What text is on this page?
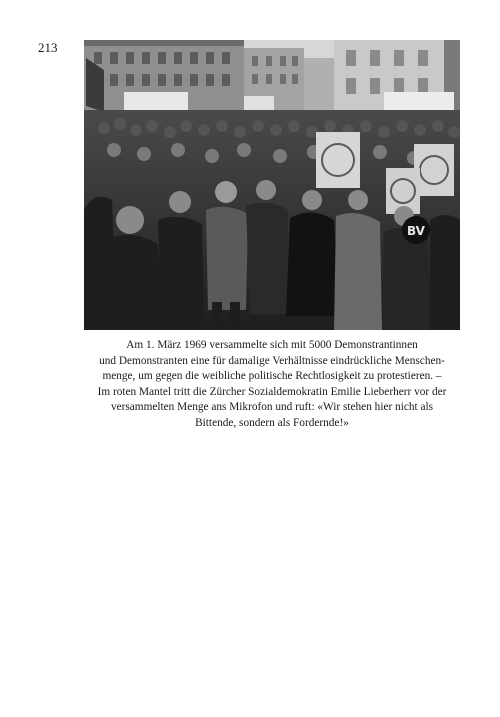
213
BV
Am 1. März 1969 versammelte sich mit 5000 Demonstrantinnen
und Demonstranten eine für damalige Verhältnisse eindrückliche Menschen-
menge, um gegen die weibliche politische Rechtlosigkeit zu protestieren. –
Im roten Mantel tritt die Zürcher Sozialdemokratin Emilie Lieberherr vor der
versammelten Menge ans Mikrofon und ruft: «Wir stehen hier nicht als
Bittende, sondern als Fordernde!»
